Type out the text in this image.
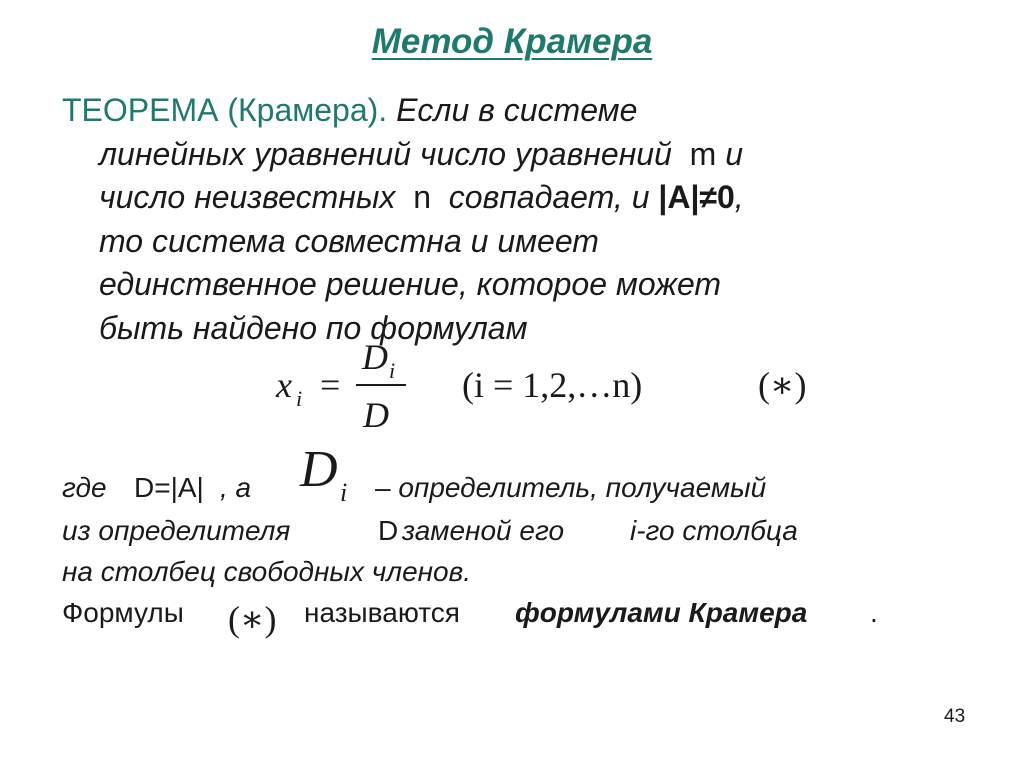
Метод Крамера
ТЕОРЕМА (Крамера). Если в системе
линейных уравнений число уравнений m и
число неизвестных n совпадает, и |A|≠0,
то система совместна и имеет
единственное решение, которое может
быть найдено по формулам
x i =
D i
D
(i = 1,2,…n)	(∗)
где D=|A| , а D i – определитель, получаемый
из определителя	D заменой его i-го столбца
на столбец свободных членов.
Формулы (∗) называются формулами Крамера .
43
